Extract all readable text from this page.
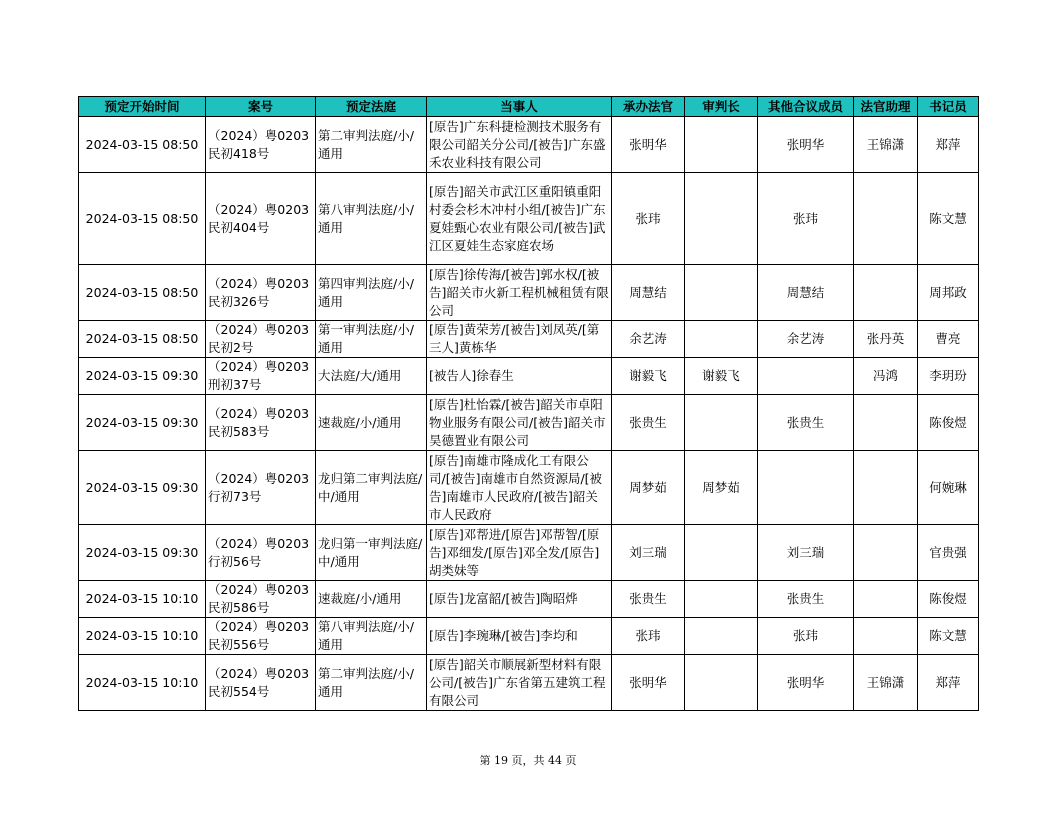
预定开始时间	案号	预定法庭	当事人	承办法官	审判长	其他合议成员	法官助理	书记员
2024-03-15 08:50	（2024）粤0203民初418号	第二审判法庭/小/通用	[原告]广东科捷检测技术服务有限公司韶关分公司/[被告]广东盛禾农业科技有限公司	张明华		张明华	王锦潇	郑萍
2024-03-15 08:50	（2024）粤0203民初404号	第八审判法庭/小/通用	[原告]韶关市武江区重阳镇重阳村委会杉木冲村小组/[被告]广东夏娃甄心农业有限公司/[被告]武江区夏娃生态家庭农场	张玮		张玮		陈文慧
2024-03-15 08:50	（2024）粤0203民初326号	第四审判法庭/小/通用	[原告]徐传海/[被告]郭水权/[被告]韶关市火新工程机械租赁有限公司	周慧结		周慧结		周邦政
2024-03-15 08:50	（2024）粤0203民初2号	第一审判法庭/小/通用	[原告]黄荣芳/[被告]刘凤英/[第三人]黄栋华	余艺涛		余艺涛	张丹英	曹亮
2024-03-15 09:30	（2024）粤0203刑初37号	大法庭/大/通用	[被告人]徐春生	谢毅飞	谢毅飞		冯鸿	李玥玢
2024-03-15 09:30	（2024）粤0203民初583号	速裁庭/小/通用	[原告]杜怡霖/[被告]韶关市卓阳物业服务有限公司/[被告]韶关市昊德置业有限公司	张贵生		张贵生		陈俊煜
2024-03-15 09:30	（2024）粤0203行初73号	龙归第二审判法庭/中/通用	[原告]南雄市隆成化工有限公司/[被告]南雄市自然资源局/[被告]南雄市人民政府/[被告]韶关市人民政府	周梦茹	周梦茹			何婉琳
2024-03-15 09:30	（2024）粤0203行初56号	龙归第一审判法庭/中/通用	[原告]邓帮进/[原告]邓帮智/[原告]邓细发/[原告]邓全发/[原告]胡类妹等	刘三瑞		刘三瑞		官贵强
2024-03-15 10:10	（2024）粤0203民初586号	速裁庭/小/通用	[原告]龙富韶/[被告]陶昭烨	张贵生		张贵生		陈俊煜
2024-03-15 10:10	（2024）粤0203民初556号	第八审判法庭/小/通用	[原告]李琬琳/[被告]李均和	张玮		张玮		陈文慧
2024-03-15 10:10	（2024）粤0203民初554号	第二审判法庭/小/通用	[原告]韶关市顺展新型材料有限公司/[被告]广东省第五建筑工程有限公司	张明华		张明华	王锦潇	郑萍
第 19 页，共 44 页
